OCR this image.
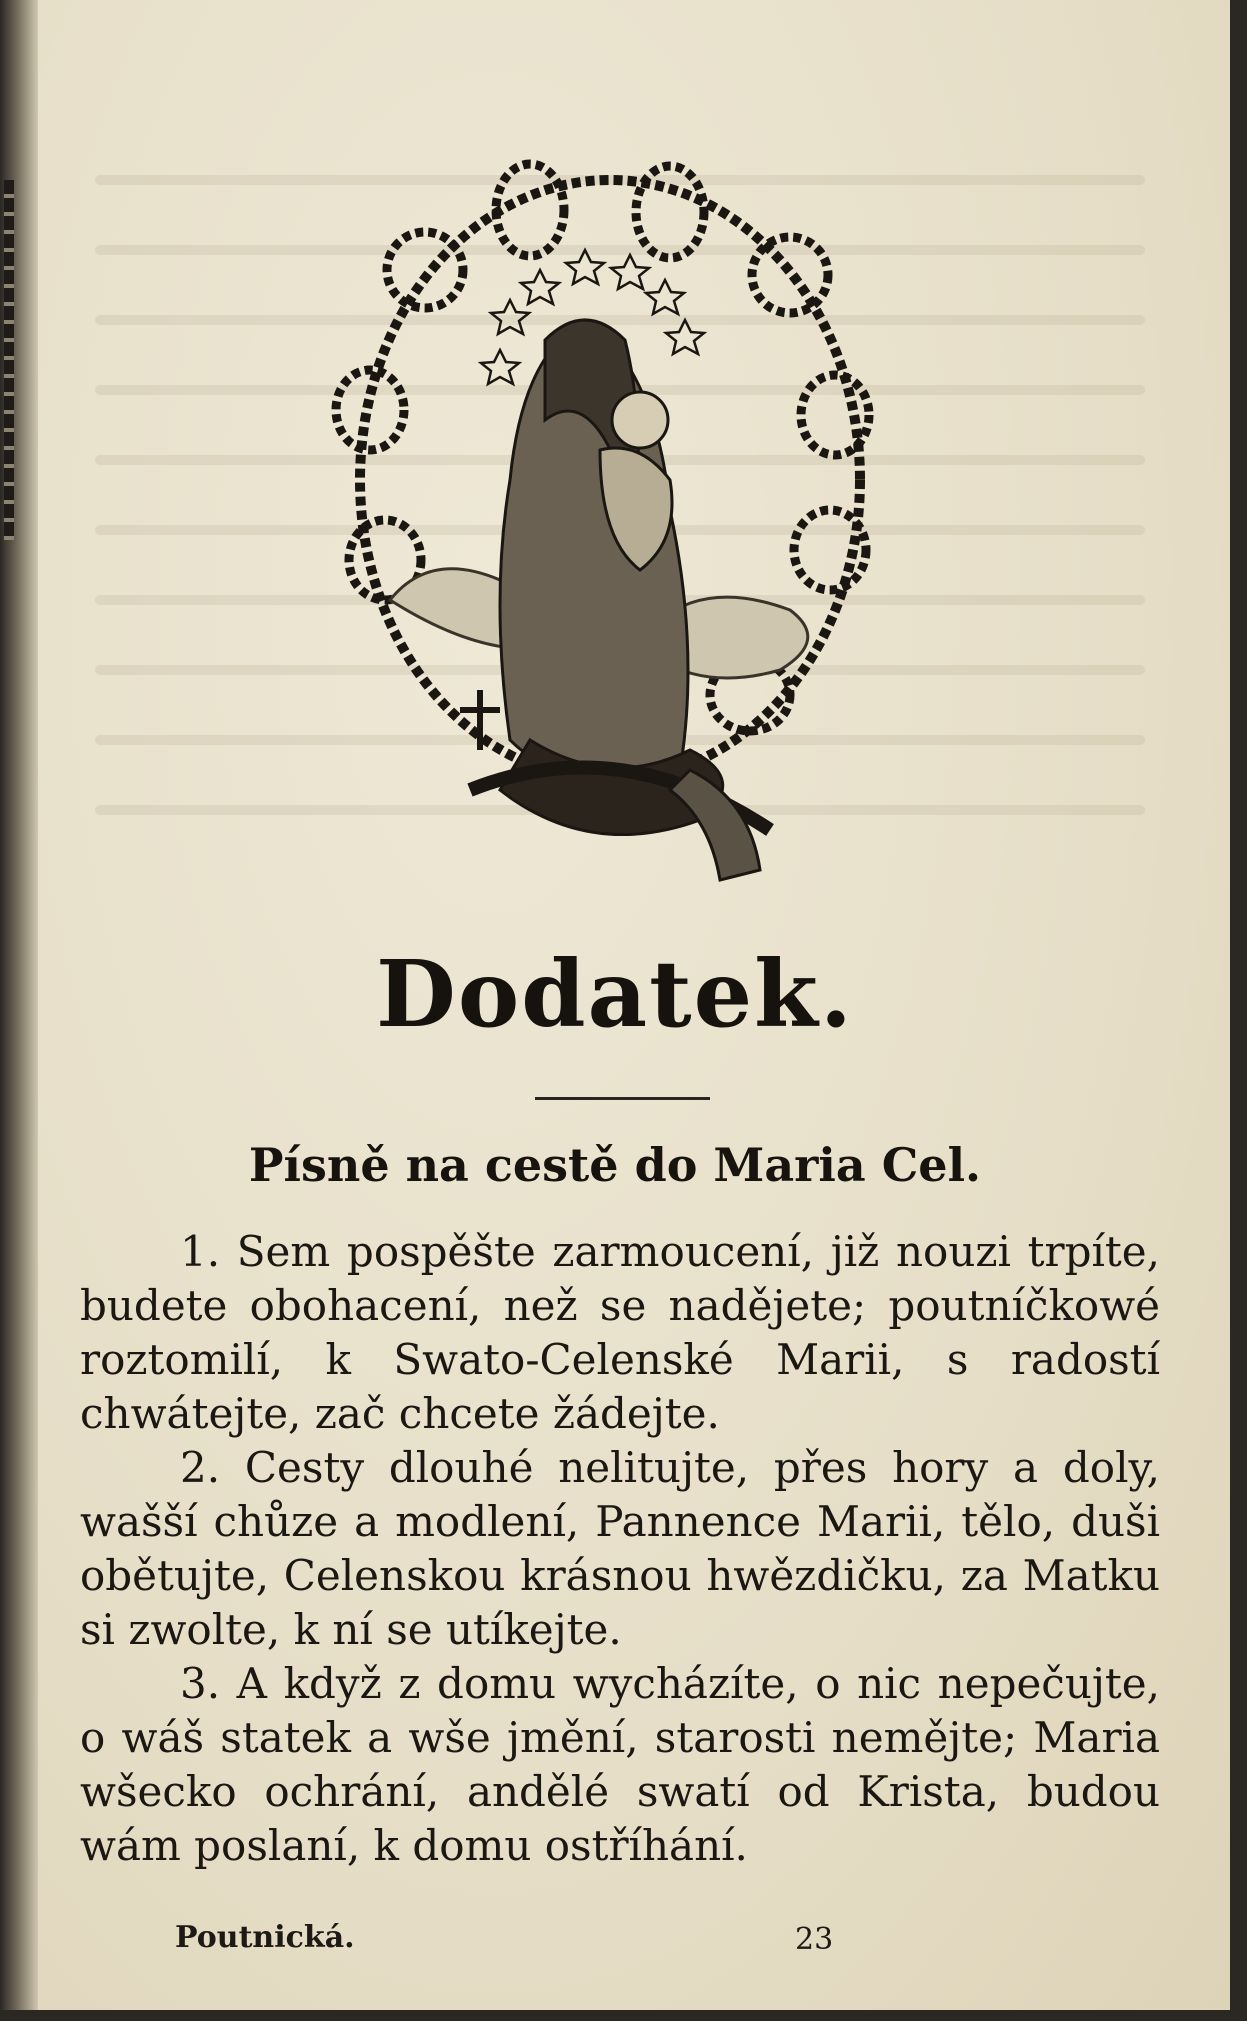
Dodatek.
Písně na cestě do Maria Cel.

1. Sem pospěšte zarmoucení, již nouzi trpíte, budete obohacení, než se nadějete; poutníčkowé roztomilí, k Swato-Celenské Marii, s radostí chwátejte, zač chcete žádejte.

2. Cesty dlouhé nelitujte, přes hory a doly, wašší chůze a modlení, Pannence Marii, tělo, duši obětujte, Celenskou krásnou hwězdičku, za Matku si zwolte, k ní se utíkejte.

3. A když z domu wycházíte, o nic nepečujte, o wáš statek a wše jmění, starosti nemějte; Maria wšecko ochrání, andělé swatí od Krista, budou wám poslaní, k domu ostříhání.

Poutnická.	23
